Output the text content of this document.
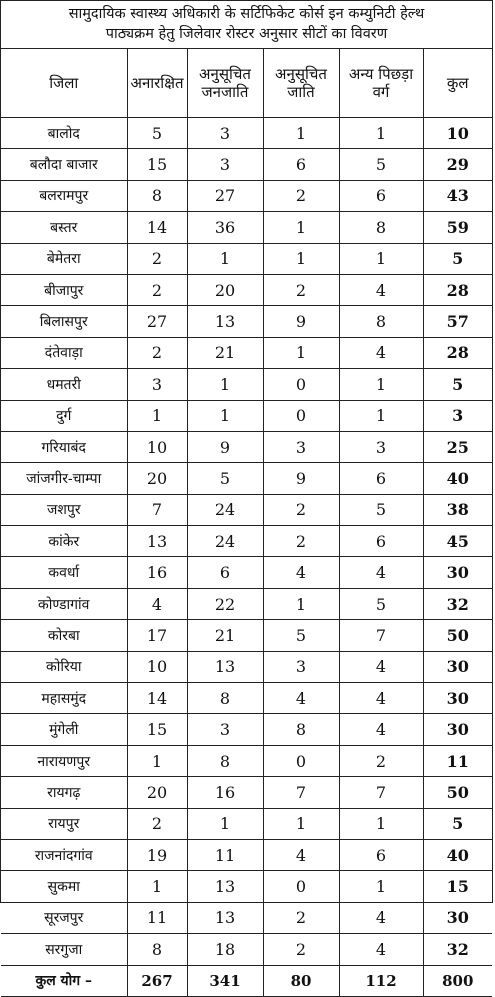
सामुदायिक स्वास्थ्य अधिकारी के सर्टिफिकेट कोर्स इन कम्युनिटी हेल्थ
पाठ्यक्रम हेतु जिलेवार रोस्टर अनुसार सीटों का विवरण
जिला	अनारक्षित	अनुसूचित जनजाति	अनुसूचित जाति	अन्य पिछड़ा वर्ग	कुल
बालोद	5	3	1	1	10
बलौदा बाजार	15	3	6	5	29
बलरामपुर	8	27	2	6	43
बस्तर	14	36	1	8	59
बेमेतरा	2	1	1	1	5
बीजापुर	2	20	2	4	28
बिलासपुर	27	13	9	8	57
दंतेवाड़ा	2	21	1	4	28
धमतरी	3	1	0	1	5
दुर्ग	1	1	0	1	3
गरियाबंद	10	9	3	3	25
जांजगीर-चाम्पा	20	5	9	6	40
जशपुर	7	24	2	5	38
कांकेर	13	24	2	6	45
कवर्धा	16	6	4	4	30
कोण्डागांव	4	22	1	5	32
कोरबा	17	21	5	7	50
कोरिया	10	13	3	4	30
महासमुंद	14	8	4	4	30
मुंगेली	15	3	8	4	30
नारायणपुर	1	8	0	2	11
रायगढ़	20	16	7	7	50
रायपुर	2	1	1	1	5
राजनांदगांव	19	11	4	6	40
सुकमा	1	13	0	1	15
सूरजपुर	11	13	2	4	30
सरगुजा	8	18	2	4	32
कुल योग –	267	341	80	112	800
